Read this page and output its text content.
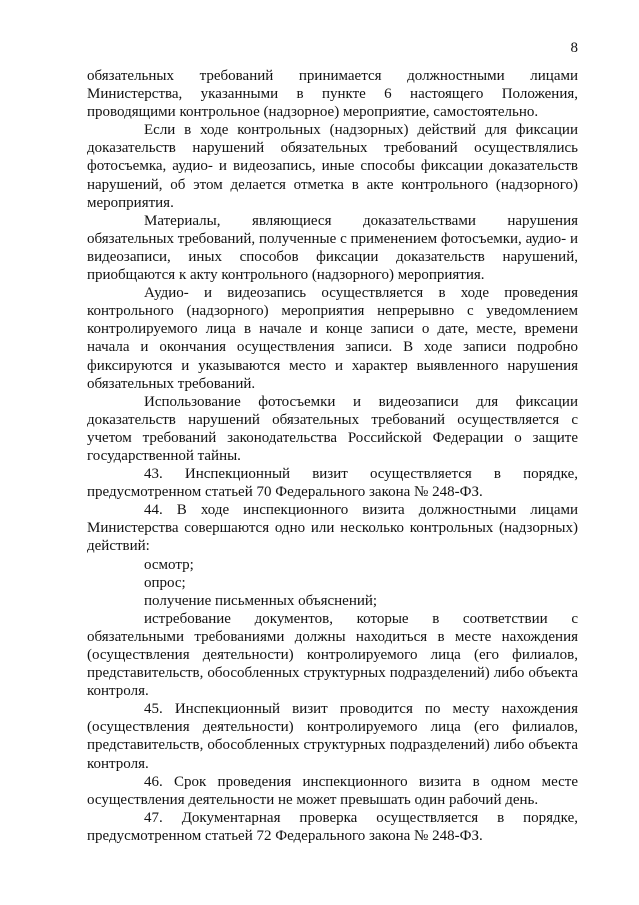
8

обязательных требований принимается должностными лицами Министерства, указанными в пункте 6 настоящего Положения, проводящими контрольное (надзорное) мероприятие, самостоятельно.

Если в ходе контрольных (надзорных) действий для фиксации доказательств нарушений обязательных требований осуществлялись фотосъемка, аудио- и видеозапись, иные способы фиксации доказательств нарушений, об этом делается отметка в акте контрольного (надзорного) мероприятия.

Материалы, являющиеся доказательствами нарушения обязательных требований, полученные с применением фотосъемки, аудио- и видеозаписи, иных способов фиксации доказательств нарушений, приобщаются к акту контрольного (надзорного) мероприятия.

Аудио- и видеозапись осуществляется в ходе проведения контрольного (надзорного) мероприятия непрерывно с уведомлением контролируемого лица в начале и конце записи о дате, месте, времени начала и окончания осуществления записи. В ходе записи подробно фиксируются и указываются место и характер выявленного нарушения обязательных требований.

Использование фотосъемки и видеозаписи для фиксации доказательств нарушений обязательных требований осуществляется с учетом требований законодательства Российской Федерации о защите государственной тайны.

43. Инспекционный визит осуществляется в порядке, предусмотренном статьей 70 Федерального закона № 248-ФЗ.

44. В ходе инспекционного визита должностными лицами Министерства совершаются одно или несколько контрольных (надзорных) действий:

осмотр;

опрос;

получение письменных объяснений;

истребование документов, которые в соответствии с обязательными требованиями должны находиться в месте нахождения (осуществления деятельности) контролируемого лица (его филиалов, представительств, обособленных структурных подразделений) либо объекта контроля.

45. Инспекционный визит проводится по месту нахождения (осуществления деятельности) контролируемого лица (его филиалов, представительств, обособленных структурных подразделений) либо объекта контроля.

46. Срок проведения инспекционного визита в одном месте осуществления деятельности не может превышать один рабочий день.

47. Документарная проверка осуществляется в порядке, предусмотренном статьей 72 Федерального закона № 248-ФЗ.
